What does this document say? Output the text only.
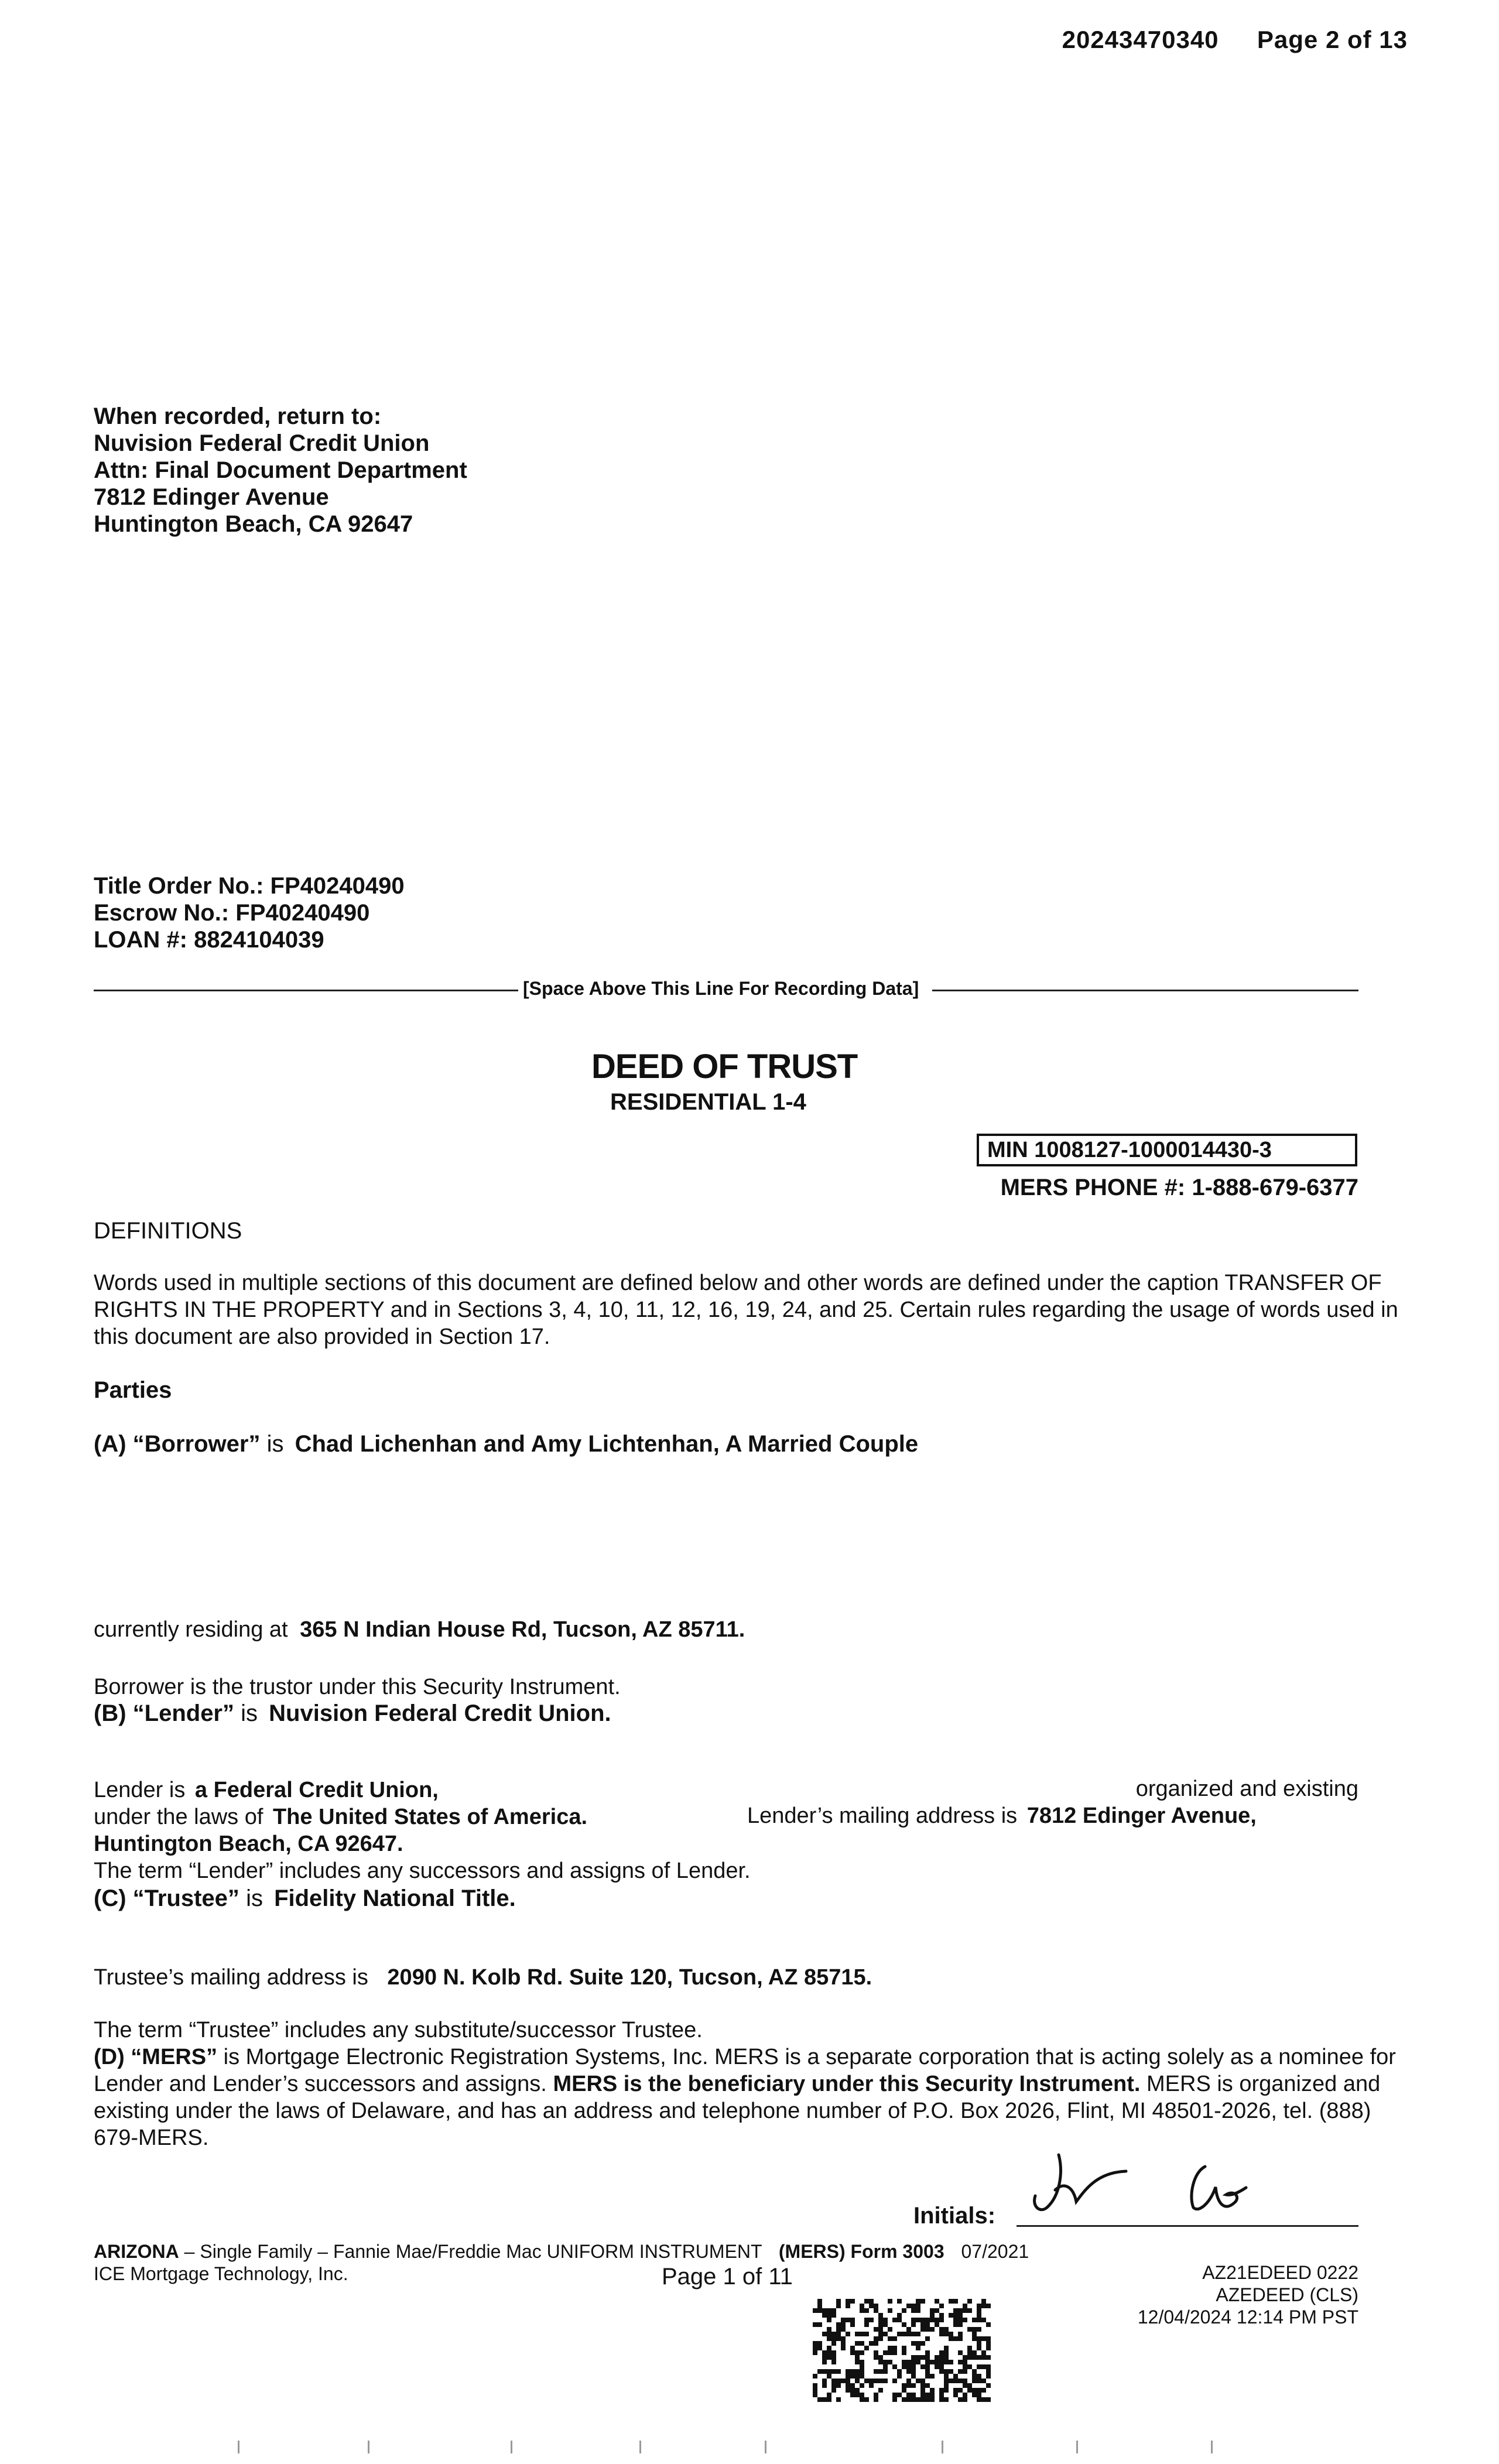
20243470340 Page 2 of 13
When recorded, return to:
Nuvision Federal Credit Union
Attn: Final Document Department
7812 Edinger Avenue
Huntington Beach, CA 92647
Title Order No.: FP40240490
Escrow No.: FP40240490
LOAN #: 8824104039
[Space Above This Line For Recording Data]
DEED OF TRUST
RESIDENTIAL 1-4
MIN 1008127-1000014430-3
MERS PHONE #: 1-888-679-6377
DEFINITIONS
Words used in multiple sections of this document are defined below and other words are defined under the caption TRANSFER OF RIGHTS IN THE PROPERTY and in Sections 3, 4, 10, 11, 12, 16, 19, 24, and 25. Certain rules regarding the usage of words used in this document are also provided in Section 17.
Parties
(A) “Borrower” is Chad Lichenhan and Amy Lichtenhan, A Married Couple
currently residing at 365 N Indian House Rd, Tucson, AZ 85711.
Borrower is the trustor under this Security Instrument.
(B) “Lender” is Nuvision Federal Credit Union.
Lender is a Federal Credit Union,
under the laws of The United States of America.
Huntington Beach, CA 92647.
The term “Lender” includes any successors and assigns of Lender.
organized and existing
Lender’s mailing address is 7812 Edinger Avenue,
(C) “Trustee” is Fidelity National Title.
Trustee’s mailing address is 2090 N. Kolb Rd. Suite 120, Tucson, AZ 85715.
The term “Trustee” includes any substitute/successor Trustee.
(D) “MERS” is Mortgage Electronic Registration Systems, Inc. MERS is a separate corporation that is acting solely as a nominee for Lender and Lender’s successors and assigns. MERS is the beneficiary under this Security Instrument. MERS is organized and existing under the laws of Delaware, and has an address and telephone number of P.O. Box 2026, Flint, MI 48501-2026, tel. (888) 679-MERS.
Initials:
ARIZONA – Single Family – Fannie Mae/Freddie Mac UNIFORM INSTRUMENT (MERS) Form 3003 07/2021
ICE Mortgage Technology, Inc.	Page 1 of 11	AZ21EDEED 0222
AZEDEED (CLS)
12/04/2024 12:14 PM PST
